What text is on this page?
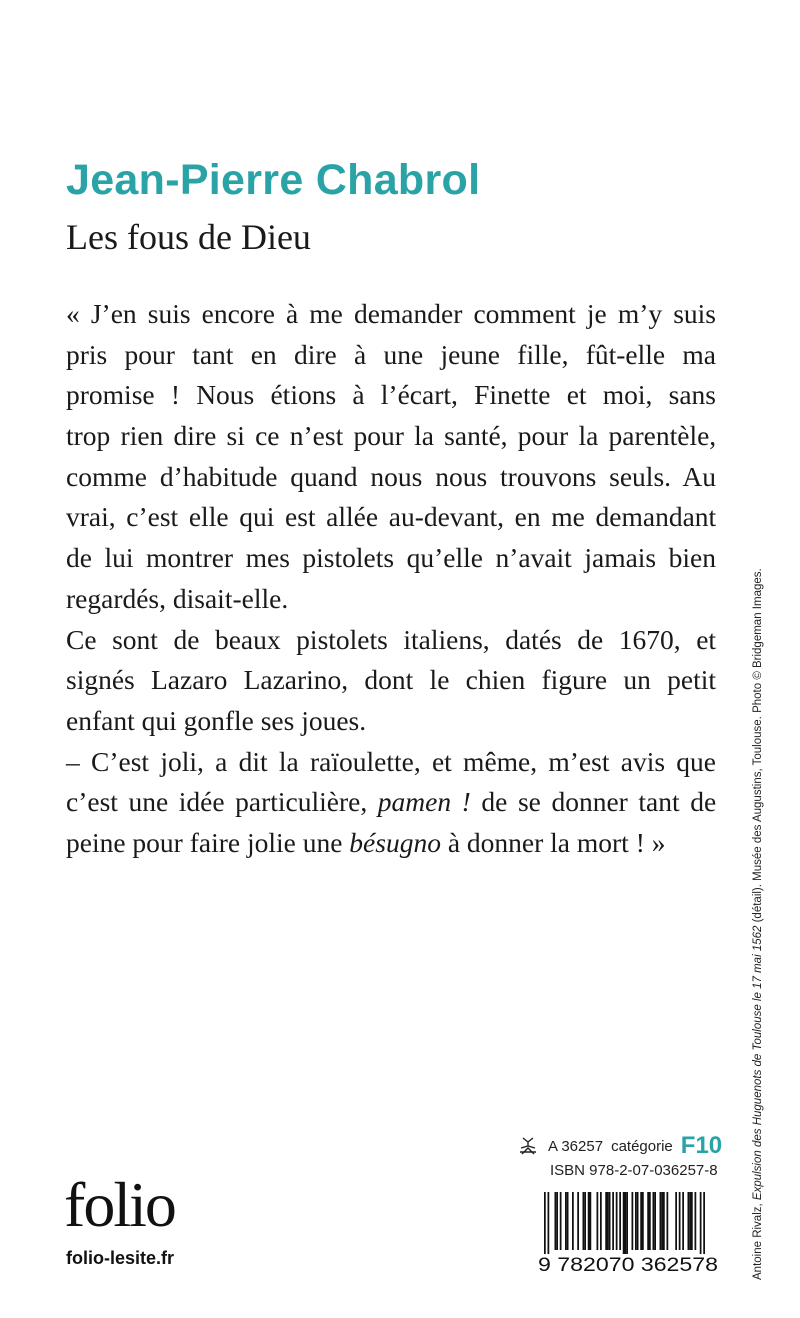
Jean-Pierre Chabrol
Les fous de Dieu
« J’en suis encore à me demander comment je m’y suis
pris pour tant en dire à une jeune fille, fût-elle ma
promise ! Nous étions à l’écart, Finette et moi, sans
trop rien dire si ce n’est pour la santé, pour la parentèle,
comme d’habitude quand nous nous trouvons seuls. Au
vrai, c’est elle qui est allée au-devant, en me demandant
de lui montrer mes pistolets qu’elle n’avait jamais bien
regardés, disait-elle.
Ce sont de beaux pistolets italiens, datés de 1670, et
signés Lazaro Lazarino, dont le chien figure un petit
enfant qui gonfle ses joues.
– C’est joli, a dit la raïoulette, et même, m’est avis que
c’est une idée particulière, pamen ! de se donner tant de
peine pour faire jolie une bésugno à donner la mort ! »
Antoine Rivalz, Expulsion des Huguenots de Toulouse le 17 mai 1562 (détail). Musée des Augustins, Toulouse. Photo © Bridgeman Images.
A 36257 catégorie F10
ISBN 978-2-07-036257-8
9 782070 362578
folio
folio-lesite.fr
